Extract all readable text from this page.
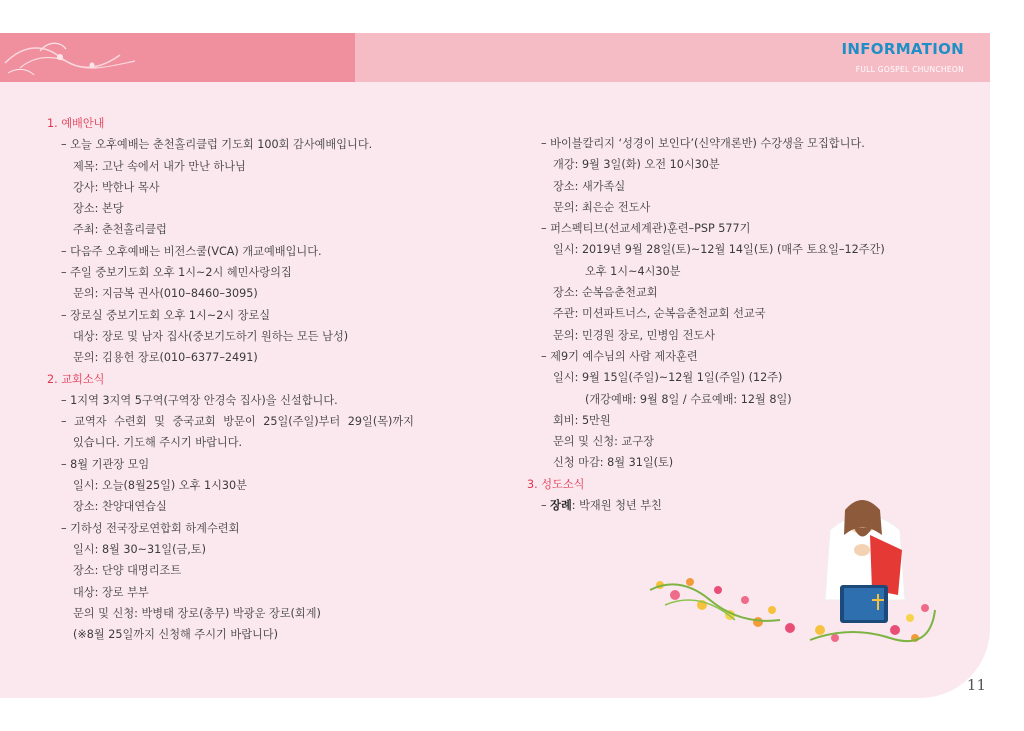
INFORMATION
FULL GOSPEL CHUNCHEON
1. 예배안내
– 오늘 오후예배는 춘천홀리클럽 기도회 100회 감사예배입니다.
제목: 고난 속에서 내가 만난 하나님
강사: 박한나 목사
장소: 본당
주최: 춘천홀리클럽
– 다음주 오후예배는 비전스쿨(VCA) 개교예배입니다.
– 주일 중보기도회 오후 1시~2시 헤민사랑의집
문의: 지금복 권사(010–8460–3095)
– 장로실 중보기도회 오후 1시~2시 장로실
대상: 장로 및 남자 집사(중보기도하기 원하는 모든 남성)
문의: 김용헌 장로(010–6377–2491)
2. 교회소식
– 1지역 3지역 5구역(구역장 안경숙 집사)을 신설합니다.
– 교역자 수련회 및 중국교회 방문이 25일(주일)부터 29일(목)까지
있습니다. 기도해 주시기 바랍니다.
– 8월 기관장 모임
일시: 오늘(8월25일) 오후 1시30분
장소: 찬양대연습실
– 기하성 전국장로연합회 하계수련회
일시: 8월 30~31일(금,토)
장소: 단양 대명리조트
대상: 장로 부부
문의 및 신청: 박병태 장로(총무) 박광운 장로(회계)
(※8월 25일까지 신청해 주시기 바랍니다)
– 바이블칼리지 ‘성경이 보인다’(신약개론반) 수강생을 모집합니다.
개강: 9월 3일(화) 오전 10시30분
장소: 새가족실
문의: 최은순 전도사
– 퍼스펙티브(선교세계관)훈련–PSP 577기
일시: 2019년 9월 28일(토)~12월 14일(토) (매주 토요일–12주간)
오후 1시~4시30분
장소: 순복음춘천교회
주관: 미션파트너스, 순복음춘천교회 선교국
문의: 민경원 장로, 민병임 전도사
– 제9기 예수님의 사람 제자훈련
일시: 9월 15일(주일)~12월 1일(주일) (12주)
(개강예배: 9월 8일 / 수료예배: 12월 8일)
회비: 5만원
문의 및 신청: 교구장
신청 마감: 8월 31일(토)
3. 성도소식
– 장례: 박재원 청년 부친
11
